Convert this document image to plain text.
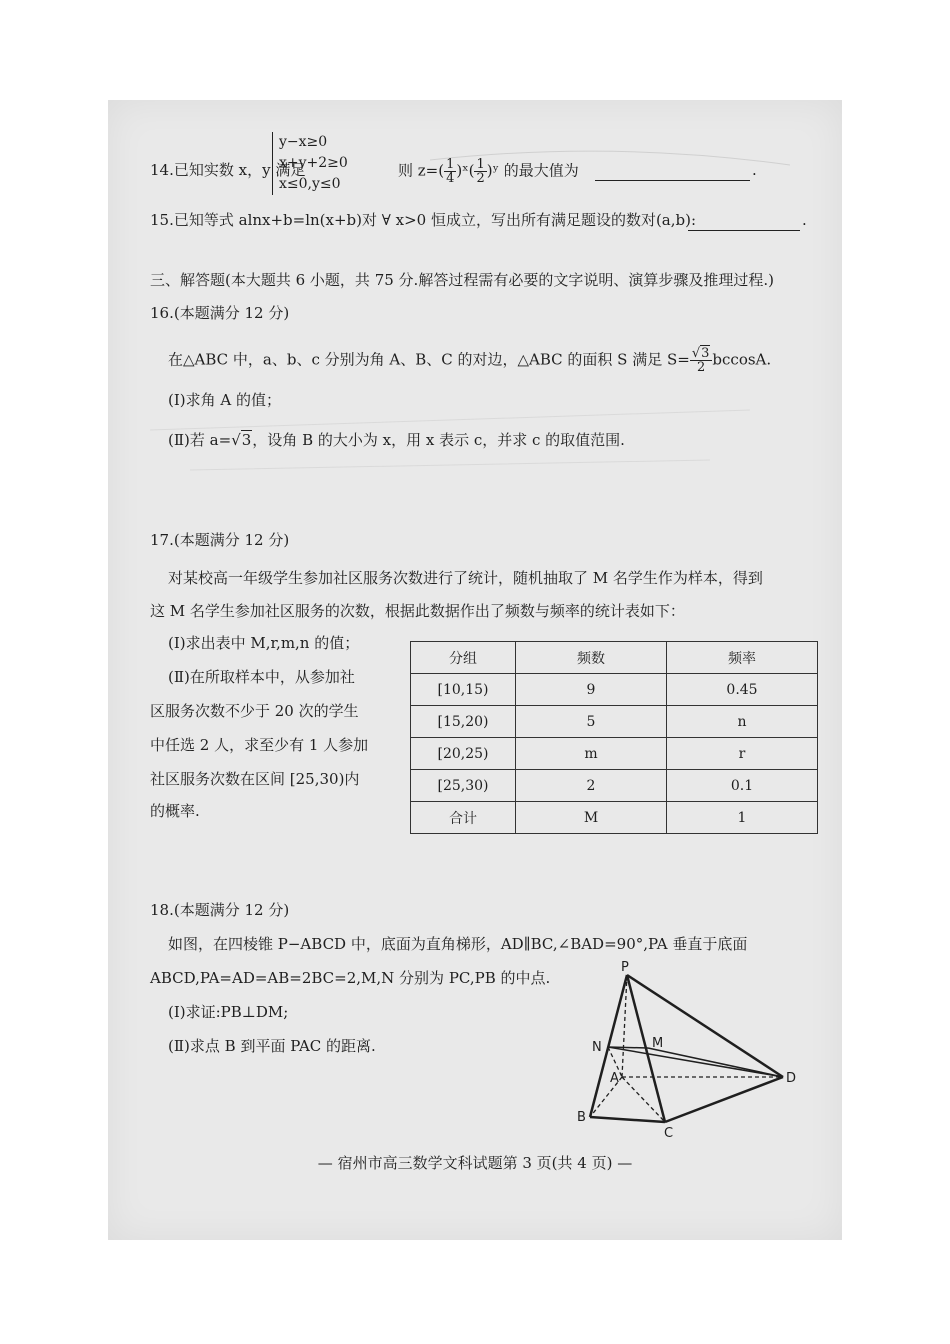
14.已知实数 x，y 满足
y−x≥0
x+y+2≥0
x≤0,y≤0
则 $z=( \frac{1}{4}$ )ˣ( $\frac{1}{2}$ )ʸ 的最大值为	.
15.已知等式 alnx+b=ln(x+b)对 ∀ x>0 恒成立，写出所有满足题设的数对(a,b):	.
三、解答题(本大题共 6 小题，共 75 分.解答过程需有必要的文字说明、演算步骤及推理过程.)
16.(本题满分 12 分)
在△ABC 中，a、b、c 分别为角 A、B、C 的对边，△ABC 的面积 S 满足 $S= \frac{√3}{2} bccosA$.
(Ⅰ)求角 A 的值；
(Ⅱ)若 a=√3，设角 B 的大小为 x，用 x 表示 c，并求 c 的取值范围.
17.(本题满分 12 分)
对某校高一年级学生参加社区服务次数进行了统计，随机抽取了 M 名学生作为样本，得到
这 M 名学生参加社区服务的次数，根据此数据作出了频数与频率的统计表如下：
(Ⅰ)求出表中 M,r,m,n 的值；
(Ⅱ)在所取样本中，从参加社
区服务次数不少于 20 次的学生
中任选 2 人，求至少有 1 人参加
社区服务次数在区间 [25,30)内
的概率.
分组	频数	频率
[10,15)	9	0.45
[15,20)	5	n
[20,25)	m	r
[25,30)	2	0.1
合计	M	1
18.(本题满分 12 分)
如图，在四棱锥 P−ABCD 中，底面为直角梯形，AD∥BC,∠BAD=90°,PA 垂直于底面
ABCD,PA=AD=AB=2BC=2,M,N 分别为 PC,PB 的中点.
(Ⅰ)求证:PB⊥DM;
(Ⅱ)求点 B 到平面 PAC 的距离.
P
M
N
A	D
B
C
— 宿州市高三数学文科试题第 3 页(共 4 页) —
